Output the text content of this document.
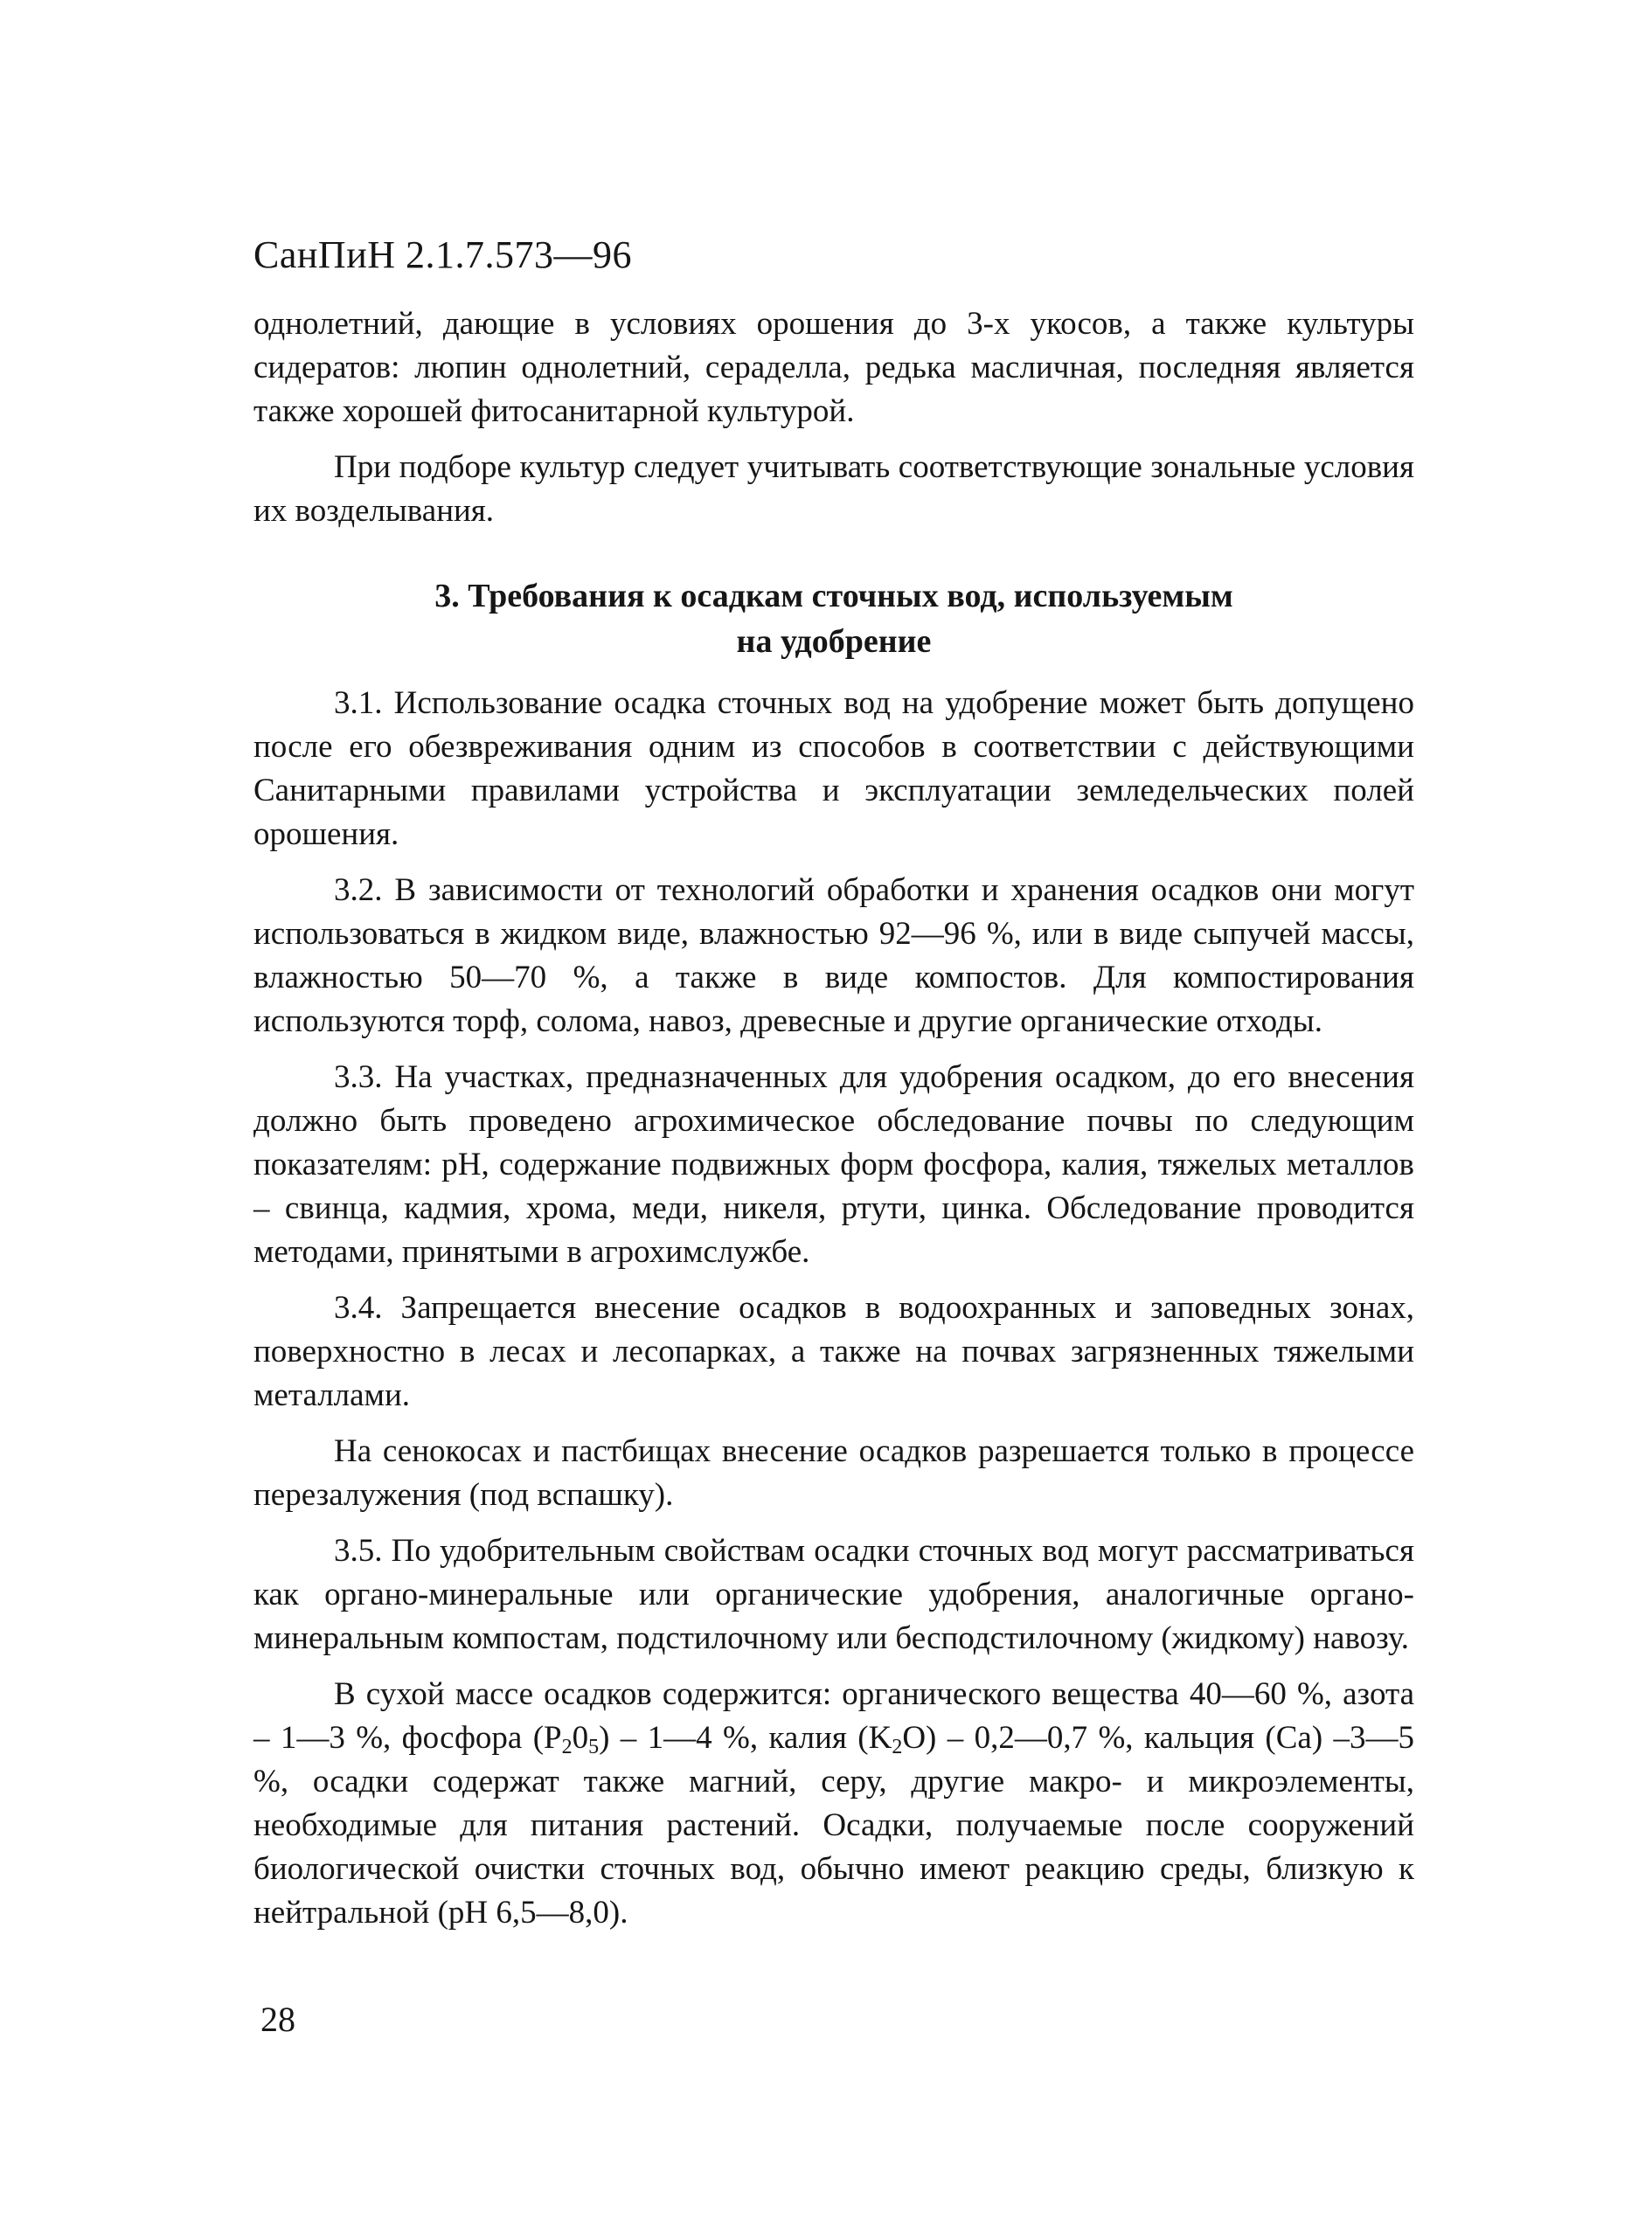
СанПиН 2.1.7.573—96

однолетний, дающие в условиях орошения до 3-х укосов, а также культуры сидератов: люпин однолетний, сераделла, редька масличная, последняя является также хорошей фитосанитарной культурой.

При подборе культур следует учитывать соответствующие зональные условия их возделывания.

3. Требования к осадкам сточных вод, используемым
на удобрение

3.1. Использование осадка сточных вод на удобрение может быть допущено после его обезвреживания одним из способов в соответствии с действующими Санитарными правилами устройства и эксплуатации земледельческих полей орошения.

3.2. В зависимости от технологий обработки и хранения осадков они могут использоваться в жидком виде, влажностью 92—96 %, или в виде сыпучей массы, влажностью 50—70 %, а также в виде компостов. Для компостирования используются торф, солома, навоз, древесные и другие органические отходы.

3.3. На участках, предназначенных для удобрения осадком, до его внесения должно быть проведено агрохимическое обследование почвы по следующим показателям: pH, содержание подвижных форм фосфора, калия, тяжелых металлов – свинца, кадмия, хрома, меди, никеля, ртути, цинка. Обследование проводится методами, принятыми в агрохимслужбе.

3.4. Запрещается внесение осадков в водоохранных и заповедных зонах, поверхностно в лесах и лесопарках, а также на почвах загрязненных тяжелыми металлами.

На сенокосах и пастбищах внесение осадков разрешается только в процессе перезалужения (под вспашку).

3.5. По удобрительным свойствам осадки сточных вод могут рассматриваться как органо-минеральные или органические удобрения, аналогичные органо-минеральным компостам, подстилочному или бесподстилочному (жидкому) навозу.

В сухой массе осадков содержится: органического вещества 40—60 %, азота – 1—3 %, фосфора $(P_20_5)$ – 1—4 %, калия $(K_2O)$ – 0,2—0,7 %, кальция (Ca) –3—5 %, осадки содержат также магний, серу, другие макро- и микроэлементы, необходимые для питания растений. Осадки, получаемые после сооружений биологической очистки сточных вод, обычно имеют реакцию среды, близкую к нейтральной (pH 6,5—8,0).

28
